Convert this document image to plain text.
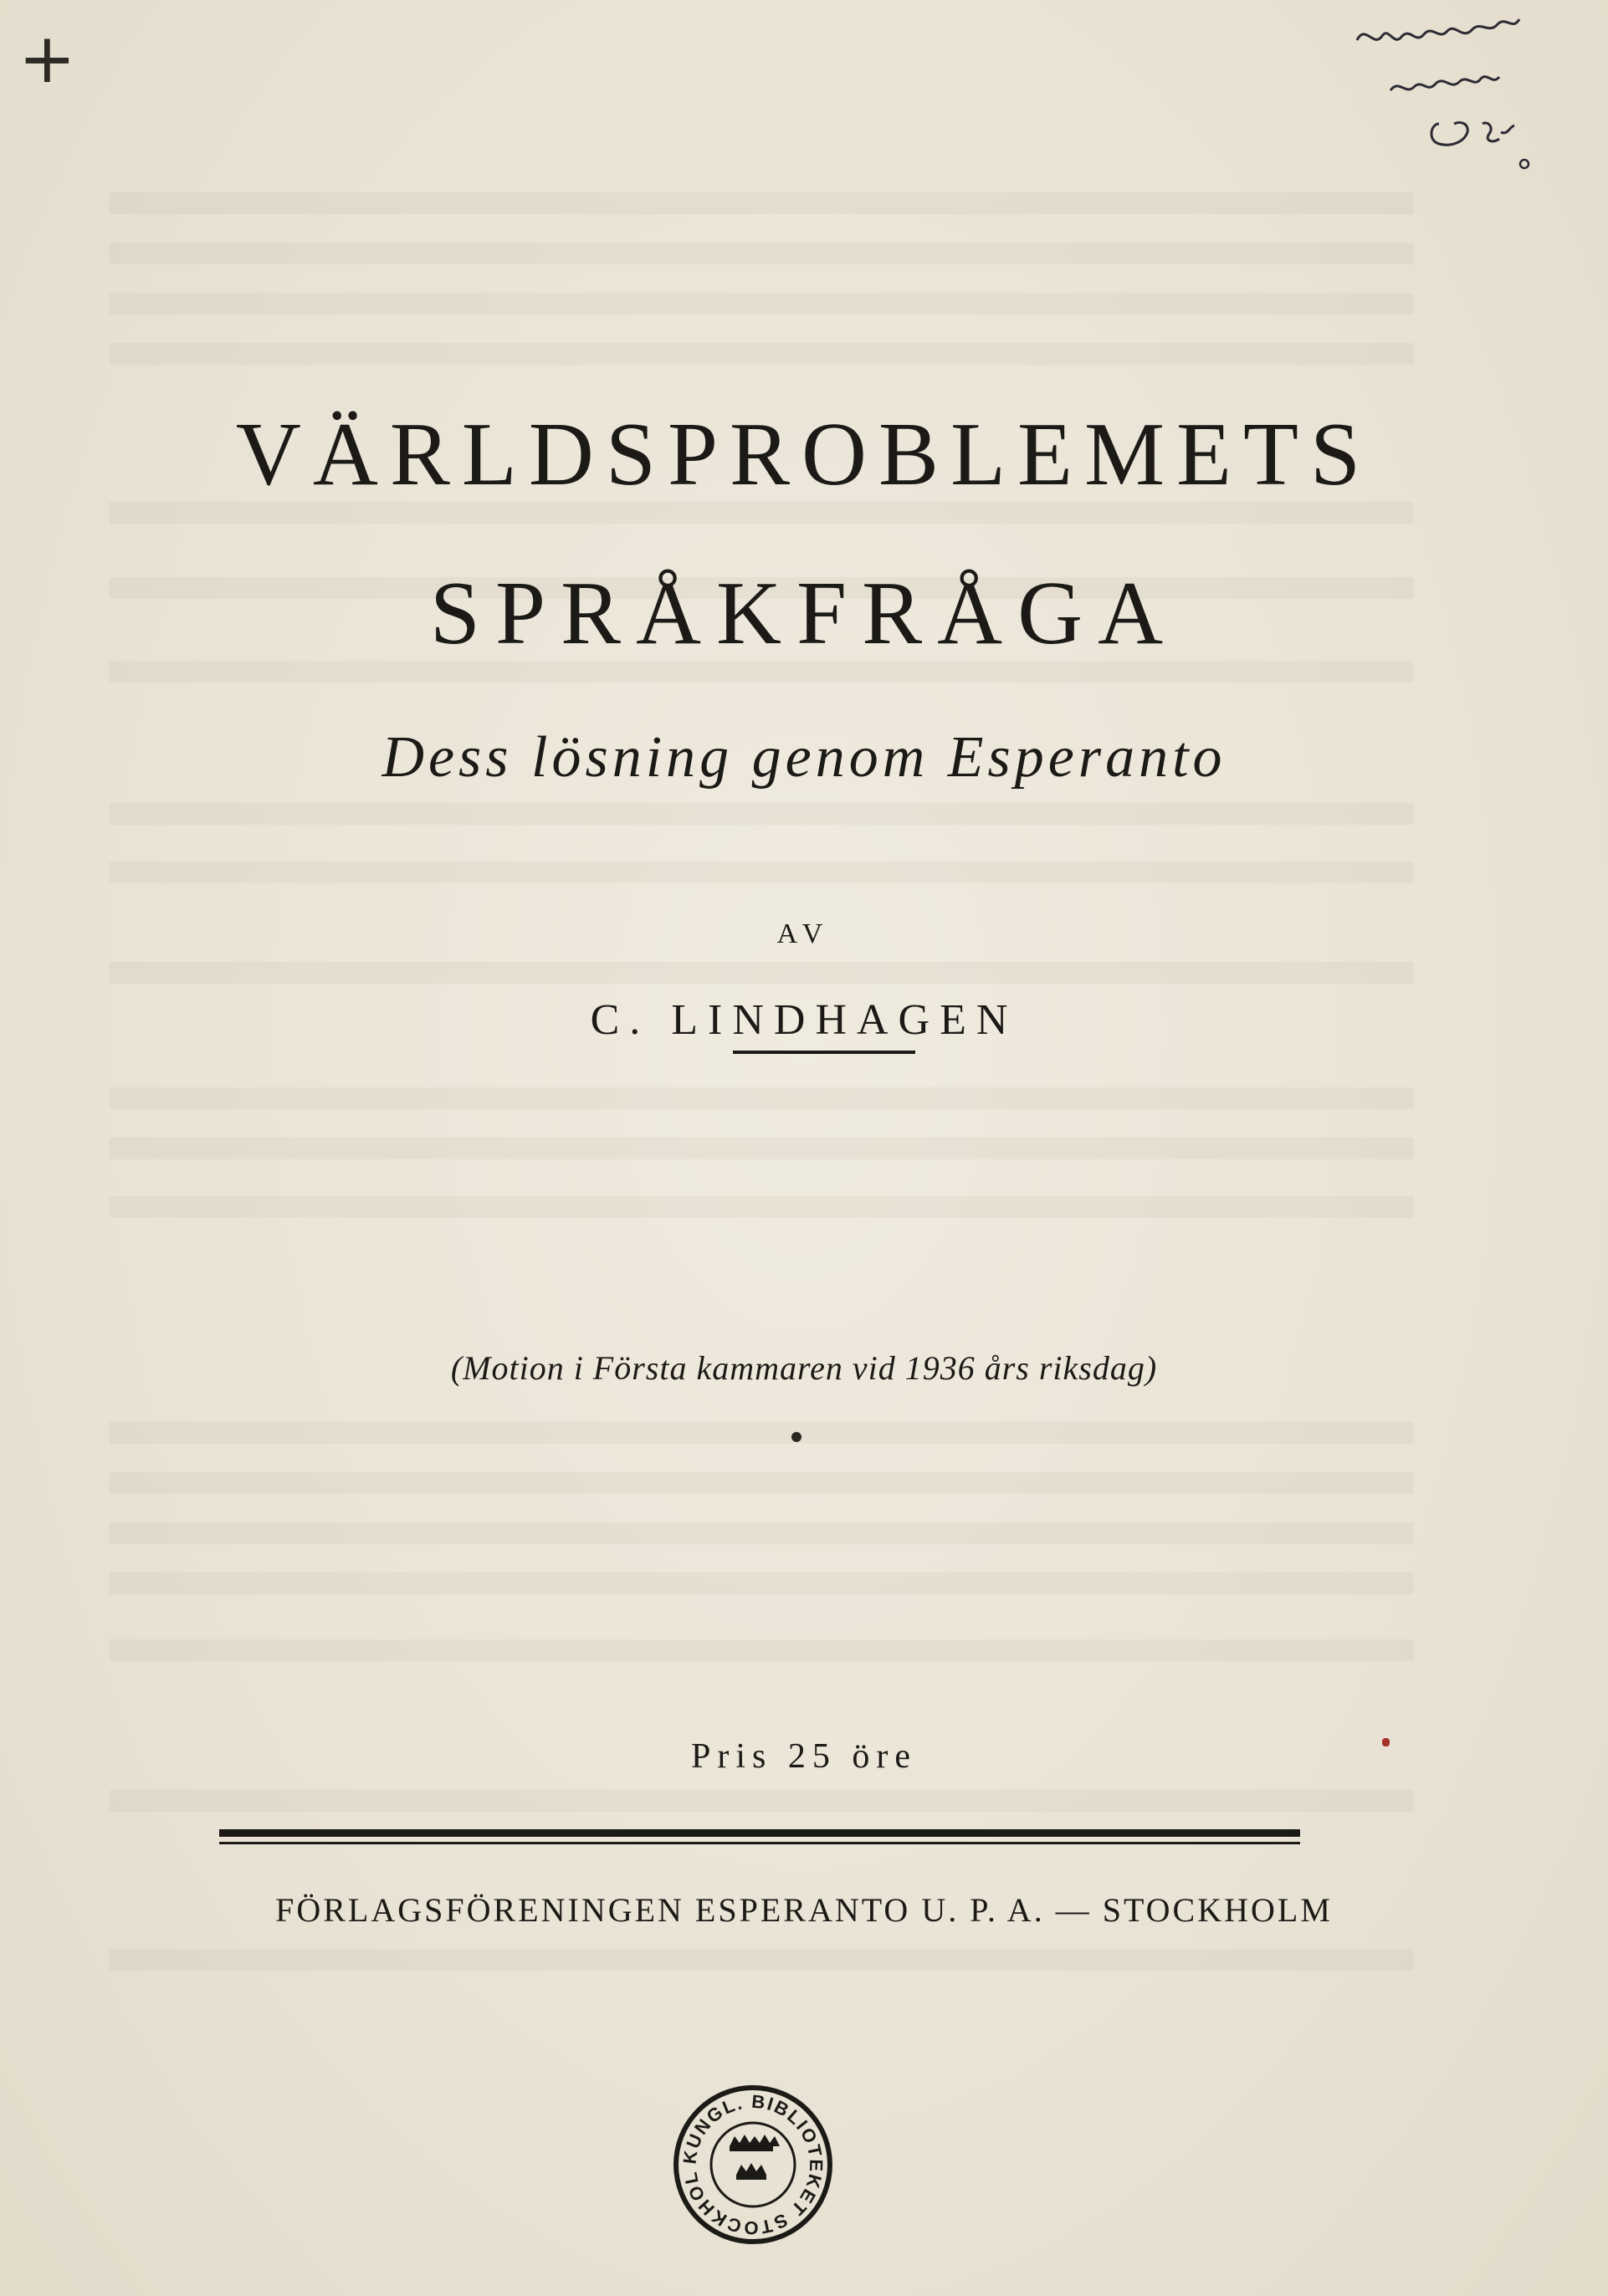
+
VÄRLDSPROBLEMETS
SPRÅKFRÅGA
Dess lösning genom Esperanto
AV
C. LINDHAGEN
(Motion i Första kammaren vid 1936 års riksdag)
Pris 25 öre
FÖRLAGSFÖRENINGEN ESPERANTO U. P. A. — STOCKHOLM
KUNGL. BIBLIOTEKET STOCKHOL
